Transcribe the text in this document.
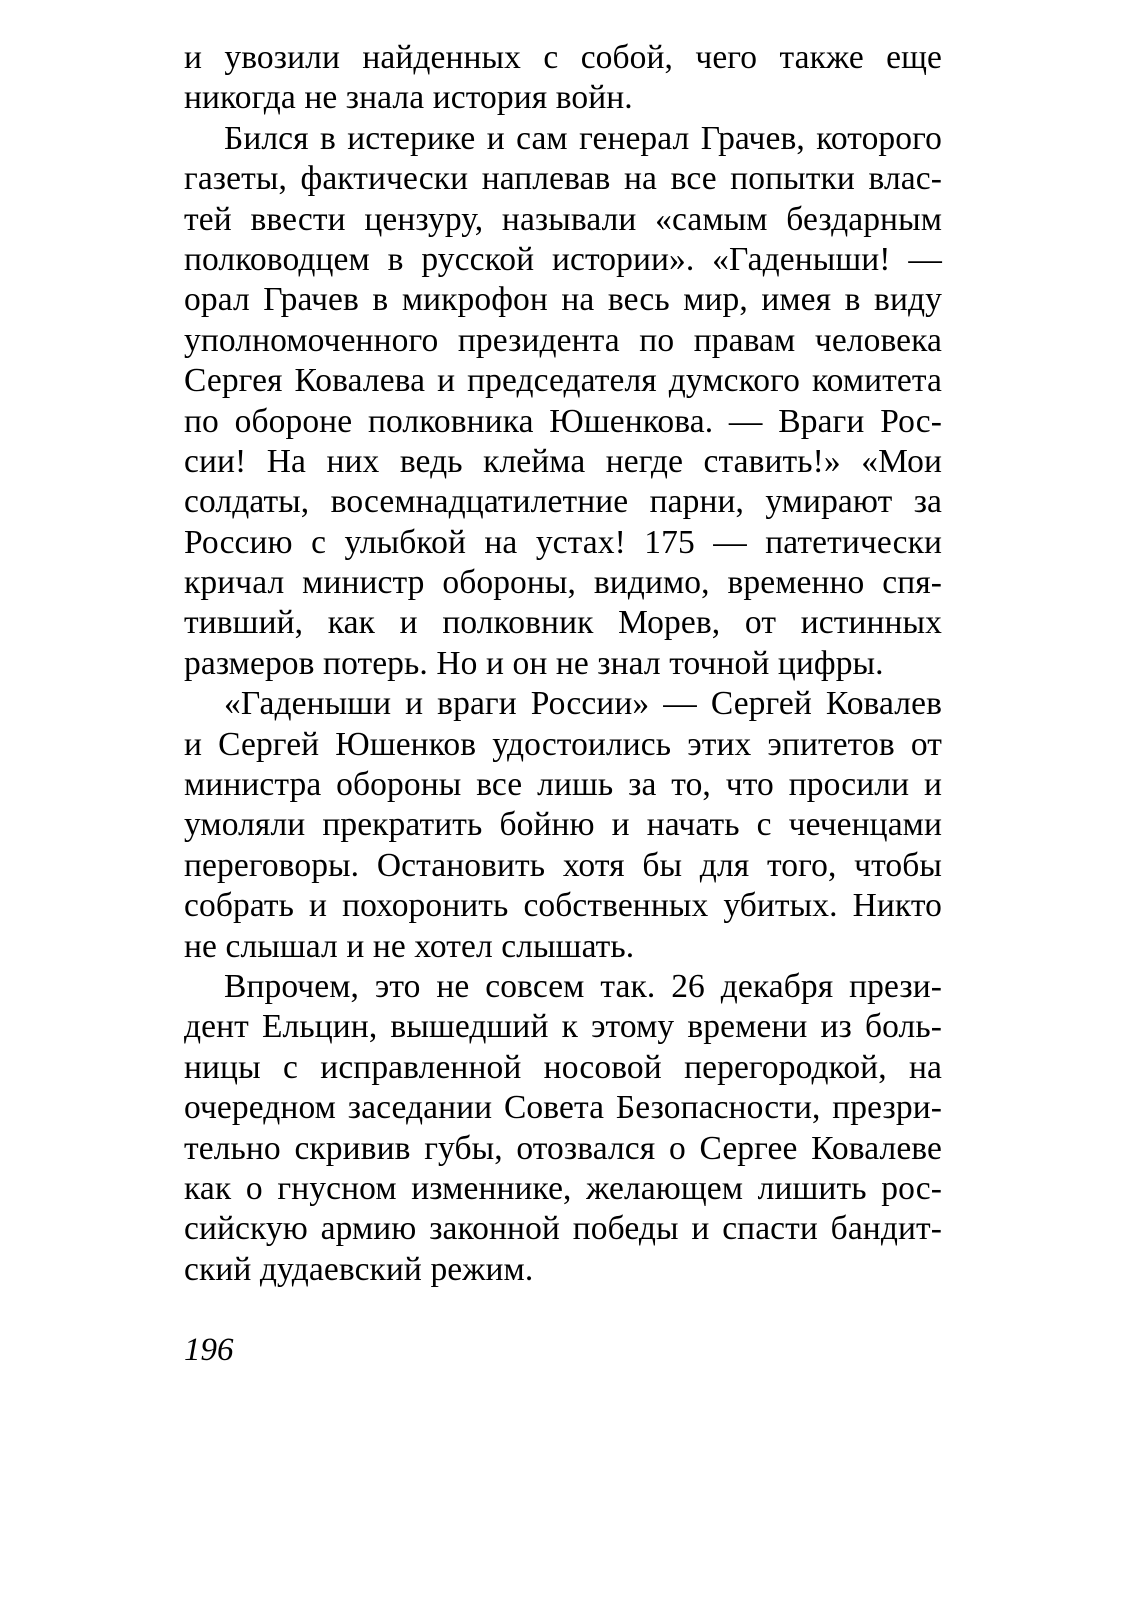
и увозили найденных с собой, чего также еще
никогда не знала история войн.
Бился в истерике и сам генерал Грачев, которого
газеты, фактически наплевав на все попытки влас-
тей ввести цензуру, называли «самым бездарным
полководцем в русской истории». «Гаденыши! —
орал Грачев в микрофон на весь мир, имея в виду
уполномоченного президента по правам человека
Сергея Ковалева и председателя думского комитета
по обороне полковника Юшенкова. — Враги Рос-
сии! На них ведь клейма негде ставить!» «Мои
солдаты, восемнадцатилетние парни, умирают за
Россию с улыбкой на устах! 175 — патетически
кричал министр обороны, видимо, временно спя-
тивший, как и полковник Морев, от истинных
размеров потерь. Но и он не знал точной цифры.
«Гаденыши и враги России» — Сергей Ковалев
и Сергей Юшенков удостоились этих эпитетов от
министра обороны все лишь за то, что просили и
умоляли прекратить бойню и начать с чеченцами
переговоры. Остановить хотя бы для того, чтобы
собрать и похоронить собственных убитых. Никто
не слышал и не хотел слышать.
Впрочем, это не совсем так. 26 декабря прези-
дент Ельцин, вышедший к этому времени из боль-
ницы с исправленной носовой перегородкой, на
очередном заседании Совета Безопасности, презри-
тельно скривив губы, отозвался о Сергее Ковалеве
как о гнусном изменнике, желающем лишить рос-
сийскую армию законной победы и спасти бандит-
ский дудаевский режим.
196
